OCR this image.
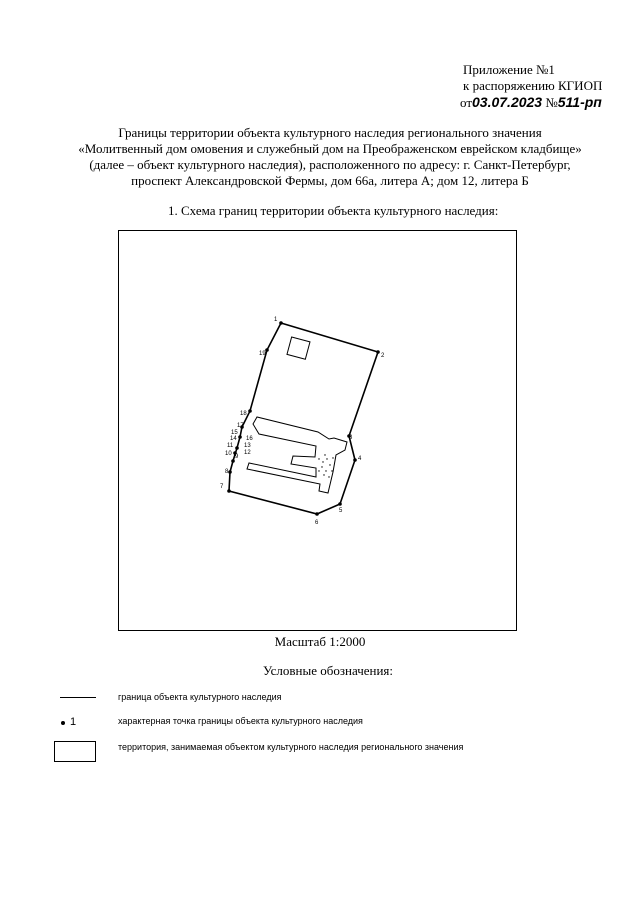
Приложение №1
к распоряжению КГИОП
от03.07.2023 №511-рп
Границы территории объекта культурного наследия регионального значения
«Молитвенный дом омовения и служебный дом на Преображенском еврейском кладбище»
(далее – объект культурного наследия), расположенного по адресу: г. Санкт-Петербург,
проспект Александровской Фермы, дом 66а, литера А; дом 12, литера Б
1. Схема границ территории объекта культурного наследия:
1
2
3
4
5
6
7
8
9
10
11
12
13
14
15
16
17
18
19
Масштаб 1:2000
Условные обозначения:
граница объекта культурного наследия
1	характерная точка границы объекта культурного наследия
территория, занимаемая объектом культурного наследия регионального значения
